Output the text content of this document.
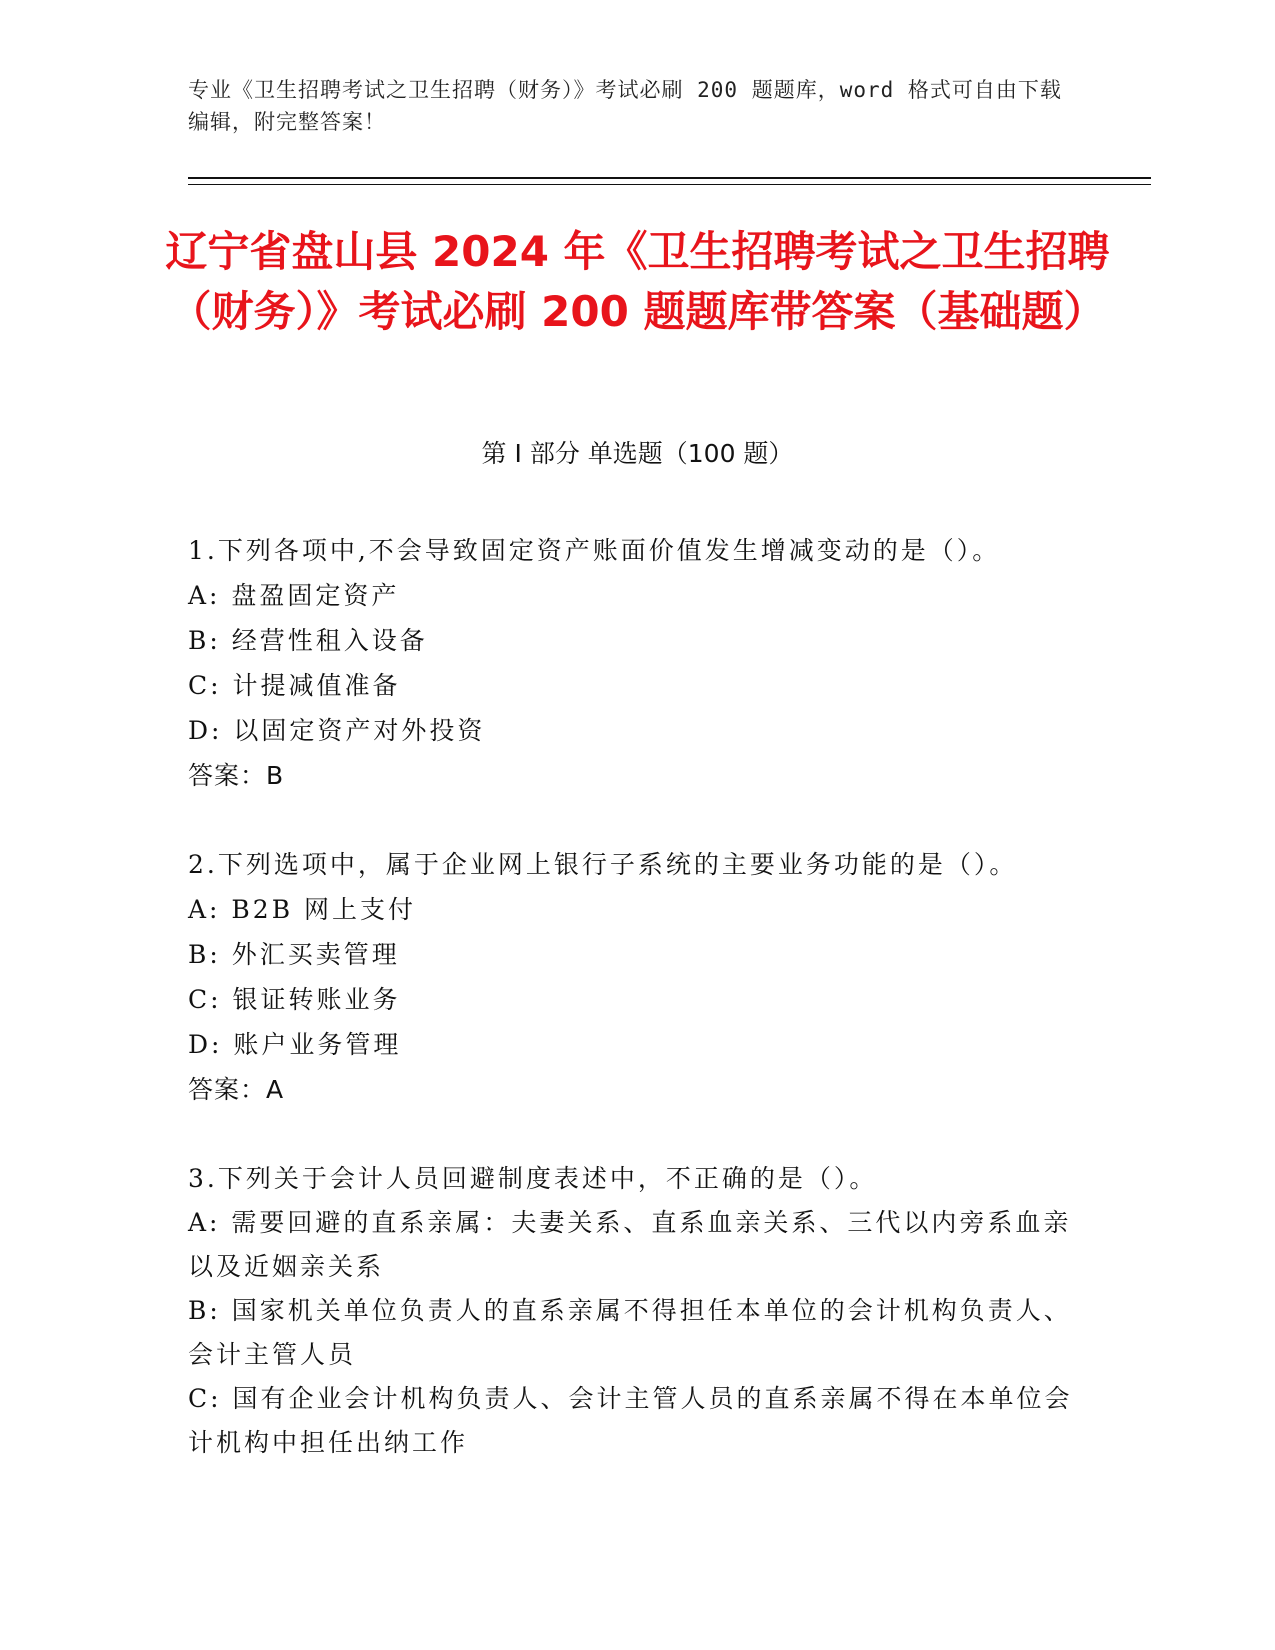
专业《卫生招聘考试之卫生招聘（财务）》考试必刷 200 题题库，word 格式可自由下载编辑，附完整答案！
辽宁省盘山县 2024 年《卫生招聘考试之卫生招聘（财务）》考试必刷 200 题题库带答案（基础题）
第 I 部分 单选题（100 题）
1.下列各项中,不会导致固定资产账面价值发生增减变动的是（）。
A: 盘盈固定资产
B: 经营性租入设备
C: 计提减值准备
D: 以固定资产对外投资
答案：B
2.下列选项中，属于企业网上银行子系统的主要业务功能的是（）。
A: B2B 网上支付
B: 外汇买卖管理
C: 银证转账业务
D: 账户业务管理
答案：A
3.下列关于会计人员回避制度表述中，不正确的是（）。
A: 需要回避的直系亲属：夫妻关系、直系血亲关系、三代以内旁系血亲以及近姻亲关系
B: 国家机关单位负责人的直系亲属不得担任本单位的会计机构负责人、会计主管人员
C: 国有企业会计机构负责人、会计主管人员的直系亲属不得在本单位会计机构中担任出纳工作
